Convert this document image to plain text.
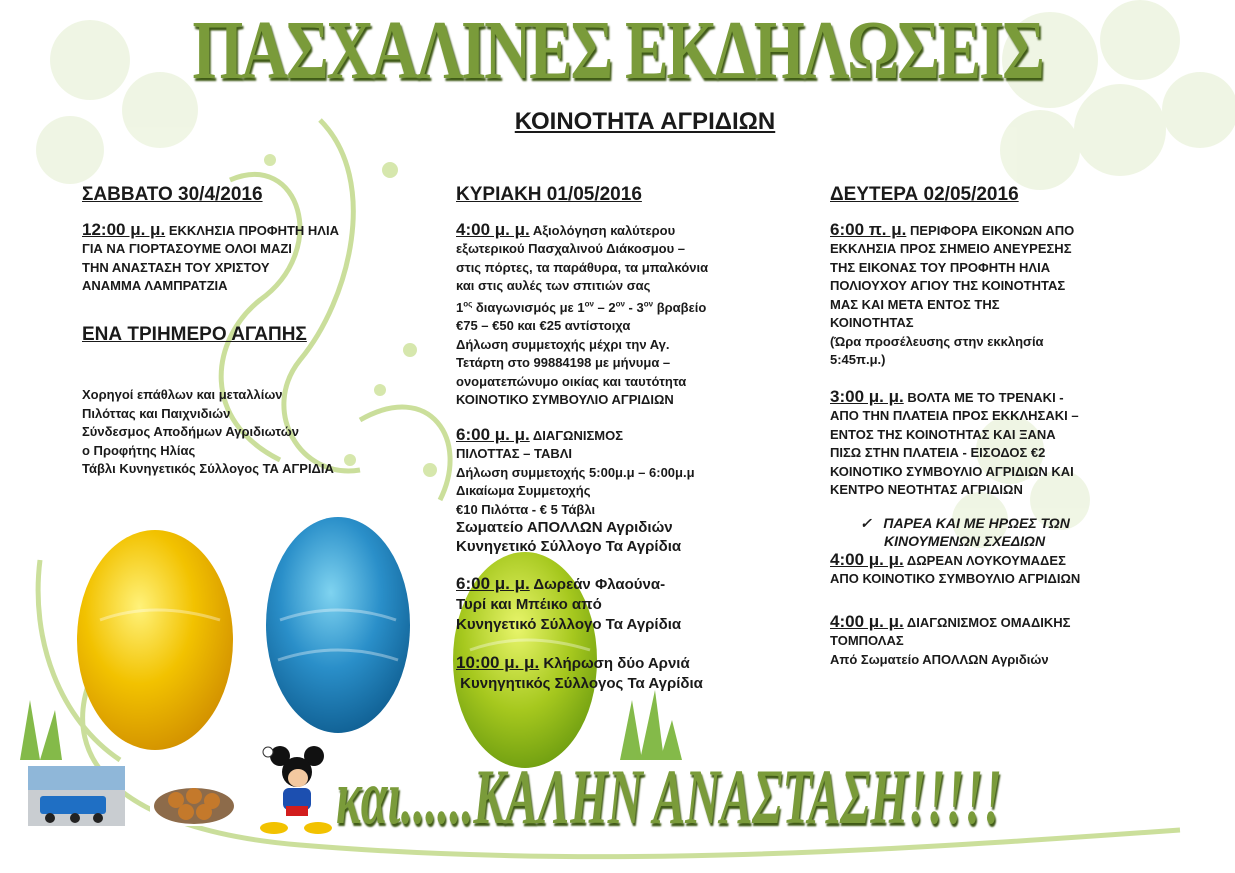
ΠΑΣΧΑΛΙΝΕΣ ΕΚΔΗΛΩΣΕΙΣ
ΚΟΙΝΟΤΗΤΑ ΑΓΡΙΔΙΩΝ
ΣΑΒΒΑΤΟ 30/4/2016
12:00 μ. μ. ΕΚΚΛΗΣΙΑ ΠΡΟΦΗΤΗ ΗΛΙΑ
ΓΙΑ ΝΑ ΓΙΟΡΤΑΣΟΥΜΕ ΟΛΟΙ ΜΑΖΙ
ΤΗΝ ΑΝΑΣΤΑΣΗ ΤΟΥ ΧΡΙΣΤΟΥ
ΑΝΑΜΜΑ ΛΑΜΠΡΑΤΖΙΑ
ΕΝΑ ΤΡΙΗΜΕΡΟ ΑΓΑΠΗΣ
Χορηγοί επάθλων και μεταλλίων
Πιλόττας και Παιχνιδιών
Σύνδεσμος Αποδήμων Αγριδιωτών
ο Προφήτης Ηλίας
Τάβλι Κυνηγετικός Σύλλογος ΤΑ ΑΓΡΙΔΙΑ
ΚΥΡΙΑΚΗ 01/05/2016
4:00 μ. μ. Αξιολόγηση καλύτερου
εξωτερικού Πασχαλινού Διάκοσμου –
στις πόρτες, τα παράθυρα, τα μπαλκόνια
και στις αυλές των σπιτιών σας
$1^{o\varsigma}$ διαγωνισμός με $1^{o\nu} - 2^{o\nu} - 3^{o\nu}$ βραβείο
€75 – €50 και €25 αντίστοιχα
Δήλωση συμμετοχής μέχρι την Αγ.
Τετάρτη στο 99884198 με μήνυμα –
ονοματεπώνυμο οικίας και ταυτότητα
ΚΟΙΝΟΤΙΚΟ ΣΥΜΒΟΥΛΙΟ ΑΓΡΙΔΙΩΝ
6:00 μ. μ. ΔΙΑΓΩΝΙΣΜΟΣ
ΠΙΛΟΤΤΑΣ – ΤΑΒΛΙ
Δήλωση συμμετοχής 5:00μ.μ – 6:00μ.μ
Δικαίωμα Συμμετοχής
€10 Πιλόττα - € 5 Τάβλι
Σωματείο ΑΠΟΛΛΩΝ Αγριδιών
Κυνηγετικό Σύλλογο Τα Αγρίδια
6:00 μ. μ. Δωρεάν Φλαούνα-
Τυρί και Μπέικο από
Κυνηγετικό Σύλλογο Τα Αγρίδια
10:00 μ. μ. Κλήρωση δύο Αρνιά
Κυνηγητικός Σύλλογος Τα Αγρίδια
ΔΕΥΤΕΡΑ 02/05/2016
6:00 π. μ. ΠΕΡΙΦΟΡΑ ΕΙΚΟΝΩΝ ΑΠΟ
ΕΚΚΛΗΣΙΑ ΠΡΟΣ ΣΗΜΕΙΟ ΑΝΕΥΡΕΣΗΣ
ΤΗΣ ΕΙΚΟΝΑΣ ΤΟΥ ΠΡΟΦΗΤΗ ΗΛΙΑ
ΠΟΛΙΟΥΧΟΥ ΑΓΙΟΥ ΤΗΣ ΚΟΙΝΟΤΗΤΑΣ
ΜΑΣ ΚΑΙ ΜΕΤΑ ΕΝΤΟΣ ΤΗΣ
ΚΟΙΝΟΤΗΤΑΣ
(Ώρα προσέλευσης στην εκκλησία
5:45π.μ.)
3:00 μ. μ. ΒΟΛΤΑ ΜΕ ΤΟ ΤΡΕΝΑΚΙ -
ΑΠΟ ΤΗΝ ΠΛΑΤΕΙΑ ΠΡΟΣ ΕΚΚΛΗΣΑΚΙ –
ΕΝΤΟΣ ΤΗΣ ΚΟΙΝΟΤΗΤΑΣ ΚΑΙ ΞΑΝΑ
ΠΙΣΩ ΣΤΗΝ ΠΛΑΤΕΙΑ - ΕΙΣΟΔΟΣ €2
ΚΟΙΝΟΤΙΚΟ ΣΥΜΒΟΥΛΙΟ ΑΓΡΙΔΙΩΝ ΚΑΙ
ΚΕΝΤΡΟ ΝΕΟΤΗΤΑΣ ΑΓΡΙΔΙΩΝ
✓ ΠΑΡΕΑ ΚΑΙ ΜΕ ΗΡΩΕΣ ΤΩΝ
ΚΙΝΟΥΜΕΝΩΝ ΣΧΕΔΙΩΝ
4:00 μ. μ. ΔΩΡΕΑΝ ΛΟΥΚΟΥΜΑΔΕΣ
ΑΠΟ ΚΟΙΝΟΤΙΚΟ ΣΥΜΒΟΥΛΙΟ ΑΓΡΙΔΙΩΝ
4:00 μ. μ. ΔΙΑΓΩΝΙΣΜΟΣ ΟΜΑΔΙΚΗΣ
ΤΟΜΠΟΛΑΣ
Από Σωματείο ΑΠΟΛΛΩΝ Αγριδιών
και......ΚΑΛΗΝ ΑΝΑΣΤΑΣΗ!!!!!
